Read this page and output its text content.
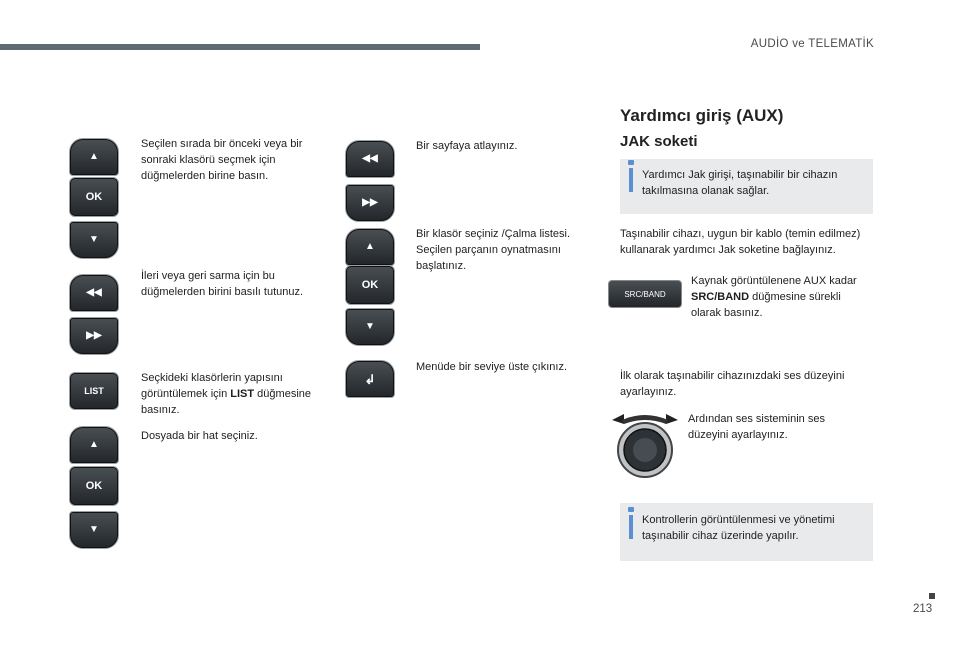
AUDİO ve TELEMATİK
▲
OK
▼
◀◀
▶▶
LIST
▲
OK
▼
Seçilen sırada bir önceki veya bir sonraki klasörü seçmek için düğmelerden birine basın.
İleri veya geri sarma için bu düğmelerden birini basılı tutunuz.
Seçkideki klasörlerin yapısını görüntülemek için LIST düğmesine basınız.
Dosyada bir hat seçiniz.
◀◀
▶▶
▲
OK
▼
↲
Bir sayfaya atlayınız.
Bir klasör seçiniz /Çalma listesi. Seçilen parçanın oynatmasını başlatınız.
Menüde bir seviye üste çıkınız.
Yardımcı giriş (AUX)
JAK soketi
Yardımcı Jak girişi, taşınabilir bir cihazın takılmasına olanak sağlar.
Taşınabilir cihazı, uygun bir kablo (temin edilmez) kullanarak yardımcı Jak soketine bağlayınız.
SRC/BAND
Kaynak görüntülenene AUX kadar SRC/BAND düğmesine sürekli olarak basınız.
İlk olarak taşınabilir cihazınızdaki ses düzeyini ayarlayınız.
Ardından ses sisteminin ses düzeyini ayarlayınız.
Kontrollerin görüntülenmesi ve yönetimi taşınabilir cihaz üzerinde yapılır.
213
